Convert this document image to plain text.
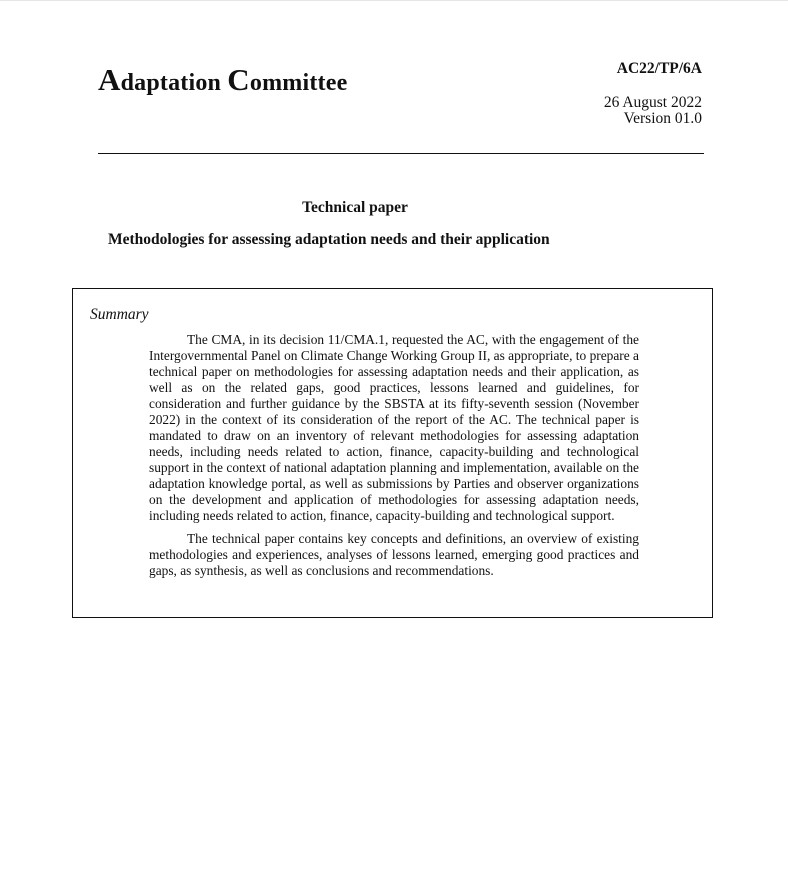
Adaptation Committee
AC22/TP/6A
26 August 2022
Version 01.0
Technical paper
Methodologies for assessing adaptation needs and their application
Summary

The CMA, in its decision 11/CMA.1, requested the AC, with the engagement of the Intergovernmental Panel on Climate Change Working Group II, as appropriate, to prepare a technical paper on methodologies for assessing adaptation needs and their application, as well as on the related gaps, good practices, lessons learned and guidelines, for consideration and further guidance by the SBSTA at its fifty-seventh session (November 2022) in the context of its consideration of the report of the AC. The technical paper is mandated to draw on an inventory of relevant methodologies for assessing adaptation needs, including needs related to action, finance, capacity-building and technological support in the context of national adaptation planning and implementation, available on the adaptation knowledge portal, as well as submissions by Parties and observer organizations on the development and application of methodologies for assessing adaptation needs, including needs related to action, finance, capacity-building and technological support.

The technical paper contains key concepts and definitions, an overview of existing methodologies and experiences, analyses of lessons learned, emerging good practices and gaps, as synthesis, as well as conclusions and recommendations.
